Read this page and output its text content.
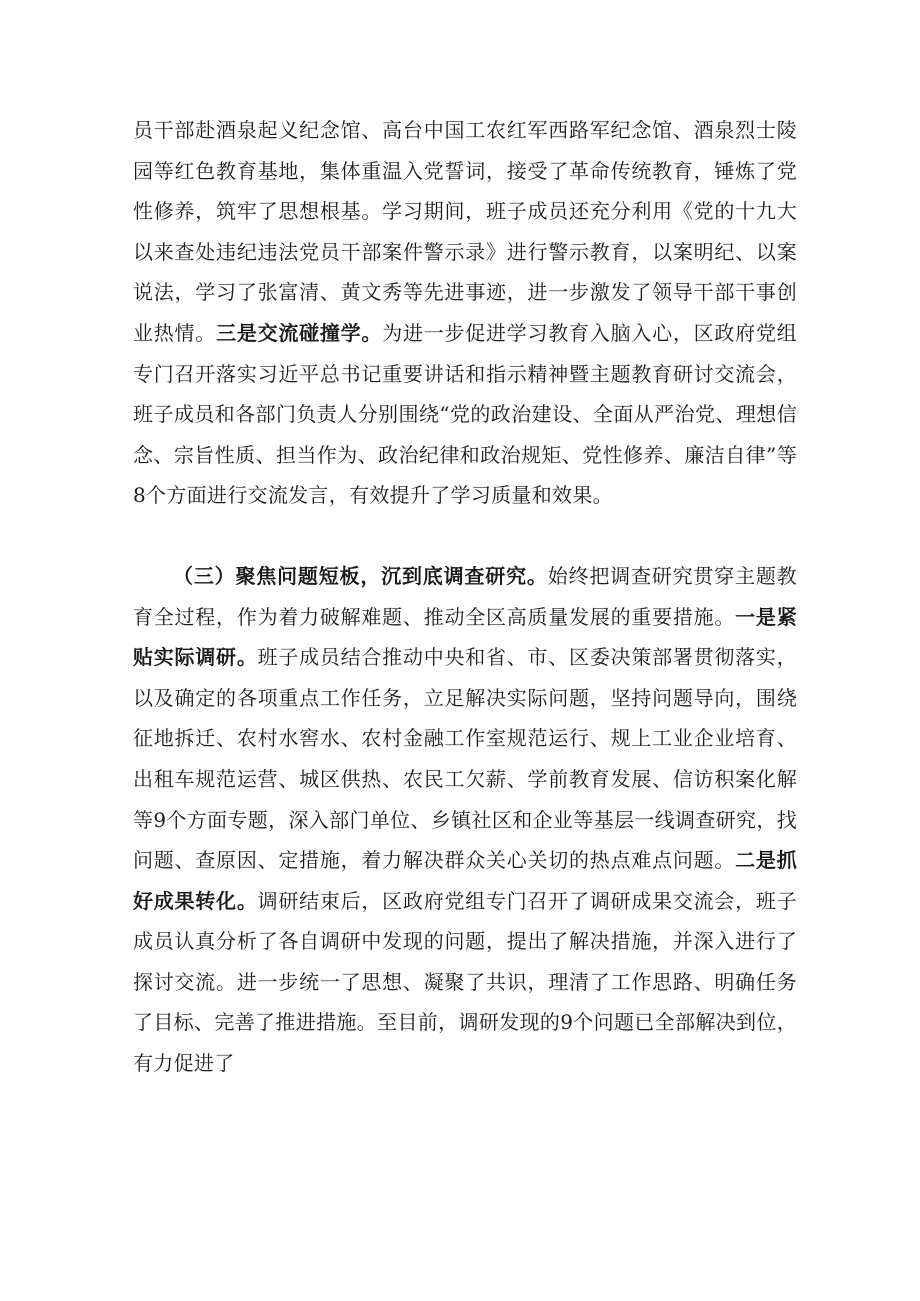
员干部赴酒泉起义纪念馆、高台中国工农红军西路军纪念馆、酒泉烈士陵园等红色教育基地，集体重温入党誓词，接受了革命传统教育，锤炼了党性修养，筑牢了思想根基。学习期间，班子成员还充分利用《党的十九大以来查处违纪违法党员干部案件警示录》进行警示教育，以案明纪、以案说法，学习了张富清、黄文秀等先进事迹，进一步激发了领导干部干事创业热情。三是交流碰撞学。为进一步促进学习教育入脑入心，区政府党组专门召开落实习近平总书记重要讲话和指示精神暨主题教育研讨交流会，班子成员和各部门负责人分别围绕“党的政治建设、全面从严治党、理想信念、宗旨性质、担当作为、政治纪律和政治规矩、党性修养、廉洁自律”等8个方面进行交流发言，有效提升了学习质量和效果。

（三）聚焦问题短板，沉到底调查研究。始终把调查研究贯穿主题教育全过程，作为着力破解难题、推动全区高质量发展的重要措施。一是紧贴实际调研。班子成员结合推动中央和省、市、区委决策部署贯彻落实，以及确定的各项重点工作任务，立足解决实际问题，坚持问题导向，围绕征地拆迁、农村水窖水、农村金融工作室规范运行、规上工业企业培育、出租车规范运营、城区供热、农民工欠薪、学前教育发展、信访积案化解等9个方面专题，深入部门单位、乡镇社区和企业等基层一线调查研究，找问题、查原因、定措施，着力解决群众关心关切的热点难点问题。二是抓好成果转化。调研结束后，区政府党组专门召开了调研成果交流会，班子成员认真分析了各自调研中发现的问题，提出了解决措施，并深入进行了探讨交流。进一步统一了思想、凝聚了共识，理清了工作思路、明确任务了目标、完善了推进措施。至目前，调研发现的9个问题已全部解决到位，有力促进了
